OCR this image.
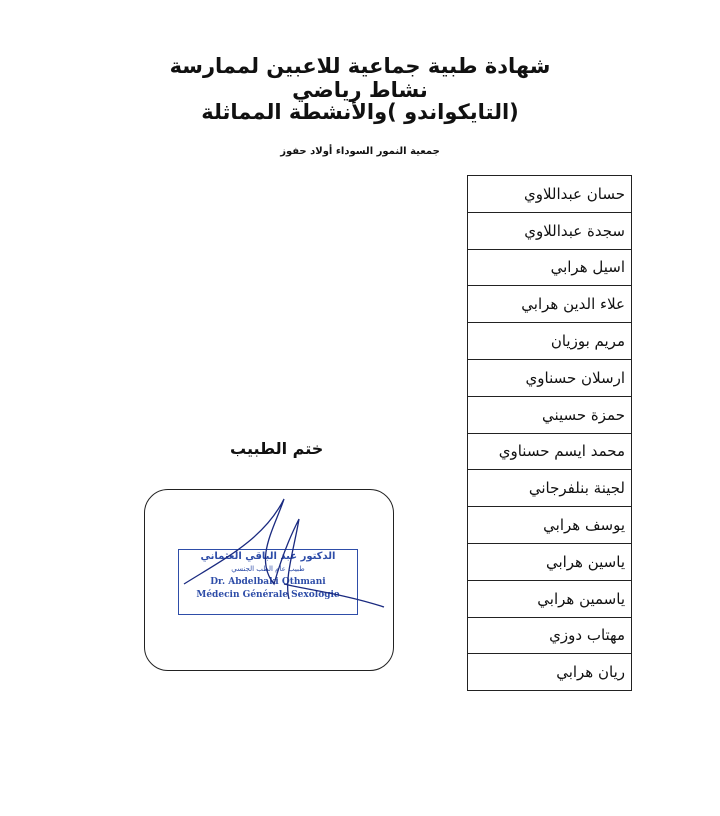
شهادة طبية جماعية للاعبين لممارسة نشاط رياضي
(التايكواندو )والأنشطة المماثلة
جمعية النمور السوداء أولاد حفوز
حسان عبداللاوي
سجدة عبداللاوي
اسيل هرابي
علاء الدين هرابي
مريم بوزيان
ارسلان حسناوي
حمزة حسيني
محمد ايسم حسناوي
لجينة بنلفرجاني
يوسف هرابي
ياسين هرابي
ياسمين هرابي
مهتاب دوزي
ريان هرابي
ختم الطبيب
الدكتور عبد الباقي العثماني
طبيب عام الطب الجنسي
Dr. Abdelbaki Othmani
Médecin Générale Sexologie
